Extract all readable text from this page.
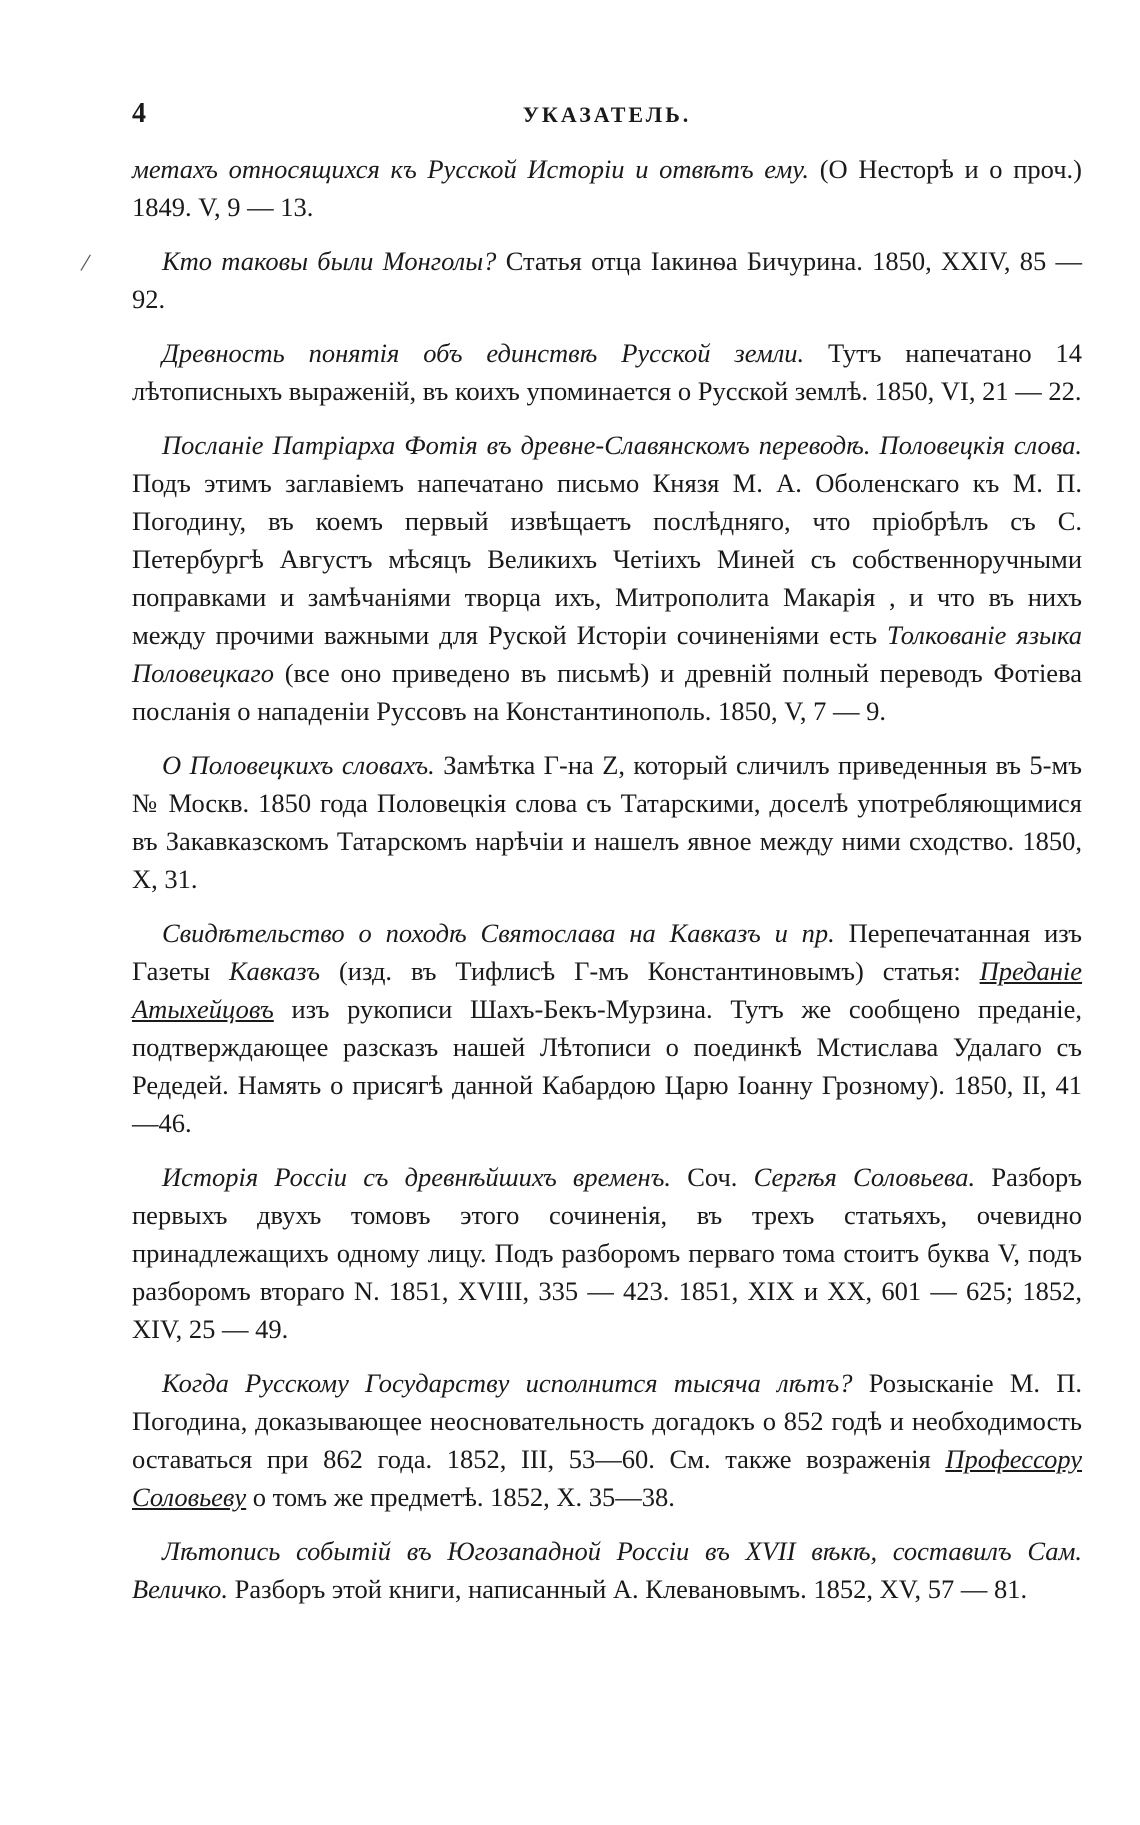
4	УКАЗАТЕЛЬ.
/

метахъ относящихся къ Русской Исторіи и отвѣтъ ему. (О Несторѣ и о проч.) 1849. V, 9 — 13.

Кто таковы были Монголы? Статья отца Іакинѳа Бичурина. 1850, XXIV, 85 — 92.

Древность понятія объ единствѣ Русской земли. Тутъ напечатано 14 лѣтописныхъ выраженій, въ коихъ упоминается о Русской землѣ. 1850, VI, 21 — 22.

Посланіе Патріарха Фотія въ древне-Славянскомъ переводѣ. Половецкія слова. Подъ этимъ заглавіемъ напечатано письмо Князя М. А. Оболенскаго къ М. П. Погодину, въ коемъ первый извѣщаетъ послѣдняго, что пріобрѣлъ съ С. Петербургѣ Августъ мѣсяцъ Великихъ Четіихъ Миней съ собственноручными поправками и замѣчаніями творца ихъ, Митрополита Макарія , и что въ нихъ между прочими важными для Руской Исторіи сочиненіями есть Толкованіе языка Половецкаго (все оно приведено въ письмѣ) и древній полный переводъ Фотіева посланія о нападеніи Руссовъ на Константинополь. 1850, V, 7 — 9.

О Половецкихъ словахъ. Замѣтка Г-на Z, который сличилъ приведенныя въ 5-мъ № Москв. 1850 года Половецкія слова съ Татарскими, доселѣ употребляющимися въ Закавказскомъ Татарскомъ нарѣчіи и нашелъ явное между ними сходство. 1850, X, 31.

Свидѣтельство о походѣ Святослава на Кавказъ и пр. Перепечатанная изъ Газеты Кавказъ (изд. въ Тифлисѣ Г-мъ Константиновымъ) статья: Преданіе Атыхейцовъ изъ рукописи Шахъ-Бекъ-Мурзина. Тутъ же сообщено преданіе, подтверждающее разсказъ нашей Лѣтописи о поединкѣ Мстислава Удалаго съ Редедей. Намять о присягѣ данной Кабардою Царю Іоанну Грозному). 1850, II, 41—46.

Исторія Россіи съ древнѣйшихъ временъ. Соч. Сергѣя Соловьева. Разборъ первыхъ двухъ томовъ этого сочиненія, въ трехъ статьяхъ, очевидно принадлежащихъ одному лицу. Подъ разборомъ перваго тома стоитъ буква V, подъ разборомъ втораго N. 1851, XVIII, 335 — 423. 1851, XIX и XX, 601 — 625; 1852, XIV, 25 — 49.

Когда Русскому Государству исполнится тысяча лѣтъ? Розысканіе М. П. Погодина, доказывающее неосновательность догадокъ о 852 годѣ и необходимость оставаться при 862 года. 1852, III, 53—60. См. также возраженія Профессору Соловьеву о томъ же предметѣ. 1852, X. 35—38.

Лѣтопись событій въ Югозападной Россіи въ XVII вѣкѣ, составилъ Сам. Величко. Разборъ этой книги, написанный А. Клевановымъ. 1852, XV, 57 — 81.
